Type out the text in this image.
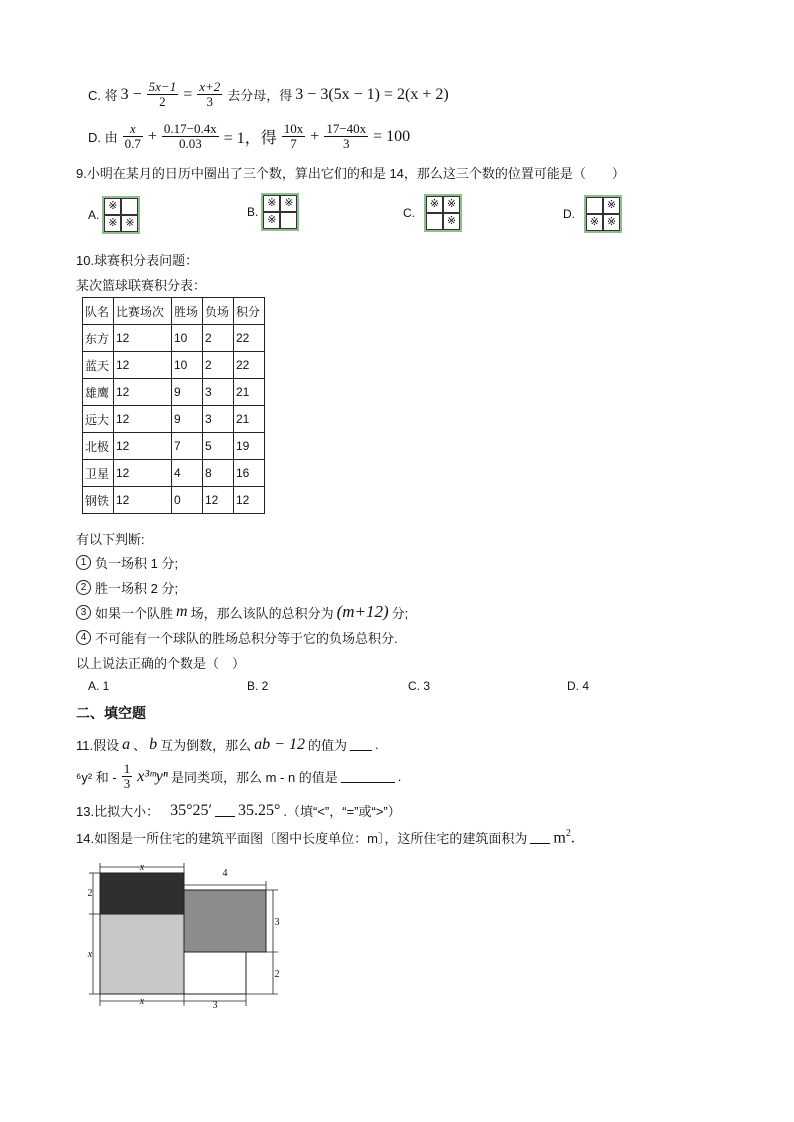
C. 将 $3 - \frac{5x-1}{2} = \frac{x+2}{3}$ 去分母，得 3 − 3(5x − 1) = 2(x + 2)
D. 由 $\frac{x}{0.7} + \frac{0.17-0.4x}{0.03} = 1$，得 $\frac{10x}{7} + \frac{17-40x}{3} = 100$
9.小明在某月的日历中圈出了三个数，算出它们的和是 14，那么这三个数的位置可能是（　　）
A.
※
※ ※
B.
※ ※
※	C.
※ ※
※	D.
※
※ ※
10.球赛积分表问题：
某次篮球联赛积分表：
队名	比赛场次	胜场	负场	积分
东方	12	10	2	22
蓝天	12	10	2	22
雄鹰	12	9	3	21
远大	12	9	3	21
北极	12	7	5	19
卫星	12	4	8	16
钢铁	12	0	12	12
有以下判断:
1 负一场积 1 分;
2 胜一场积 2 分;
3 如果一个队胜 m 场，那么该队的总积分为 (m+12) 分;
4 不可能有一个球队的胜场总积分等于它的负场总积分.
以上说法正确的个数是（　）
A. 1	B. 2	C. 3	D. 4
二、填空题
11.假设 a 、 b 互为倒数，那么 ab − 12 的值为 .
⁶y² 和 - $\frac{1}{3}$ x³ᵐyⁿ 是同类项，那么 m - n 的值是	.
13.比拟大小： 35°25′ 35.25° .（填“<”，“=”或“>”）
14.如图是一所住宅的建筑平面图〔图中长度单位：m〕，这所住宅的建筑面积为 $m^2$.
x
4
2
x
3
2
x	3
